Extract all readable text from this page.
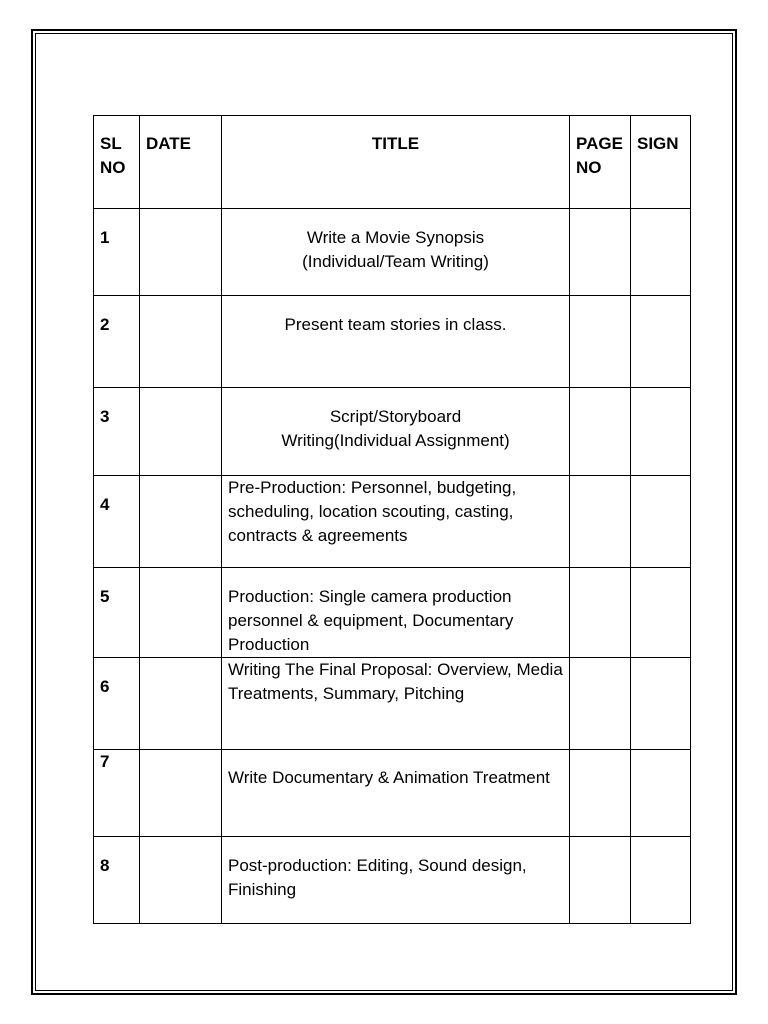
SL NO	DATE	TITLE	PAGE NO	SIGN
1		Write a Movie Synopsis
(Individual/Team Writing)		
2		Present team stories in class.		
3		Script/Storyboard
Writing(Individual Assignment)		
4		Pre-Production: Personnel, budgeting, scheduling, location scouting, casting, contracts & agreements		
5		Production: Single camera production personnel & equipment, Documentary Production		
6		Writing The Final Proposal: Overview, Media Treatments, Summary, Pitching		
7		Write Documentary & Animation Treatment		
8		Post-production: Editing, Sound design, Finishing		
